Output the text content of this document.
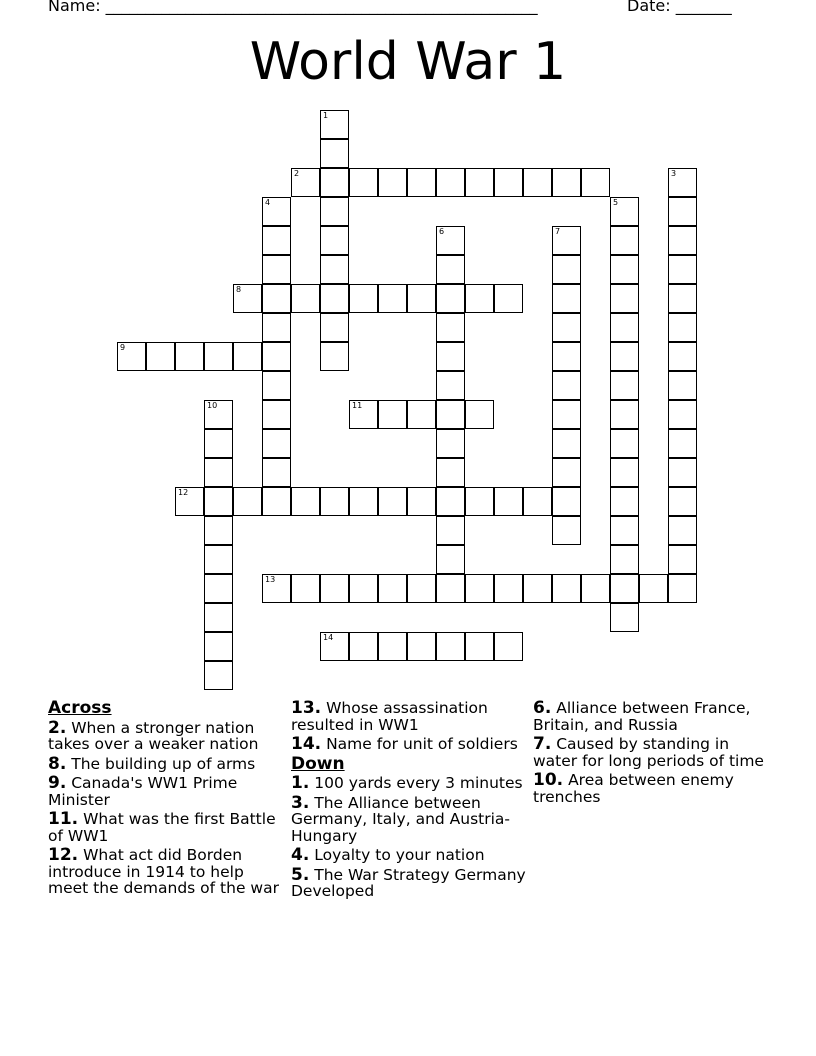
Name: ______________________________________________________	Date: _______
World War 1
1
2	3
4	5
6	7
8
9
10	11
12
13
14
Across
2. When a stronger nation takes over a weaker nation
8. The building up of arms
9. Canada's WW1 Prime Minister
11. What was the first Battle of WW1
12. What act did Borden introduce in 1914 to help meet the demands of the war
13. Whose assassination resulted in WW1
14. Name for unit of soldiers
Down
1. 100 yards every 3 minutes
3. The Alliance between Germany, Italy, and Austria-Hungary
4. Loyalty to your nation
5. The War Strategy Germany Developed
6. Alliance between France, Britain, and Russia
7. Caused by standing in water for long periods of time
10. Area between enemy trenches
